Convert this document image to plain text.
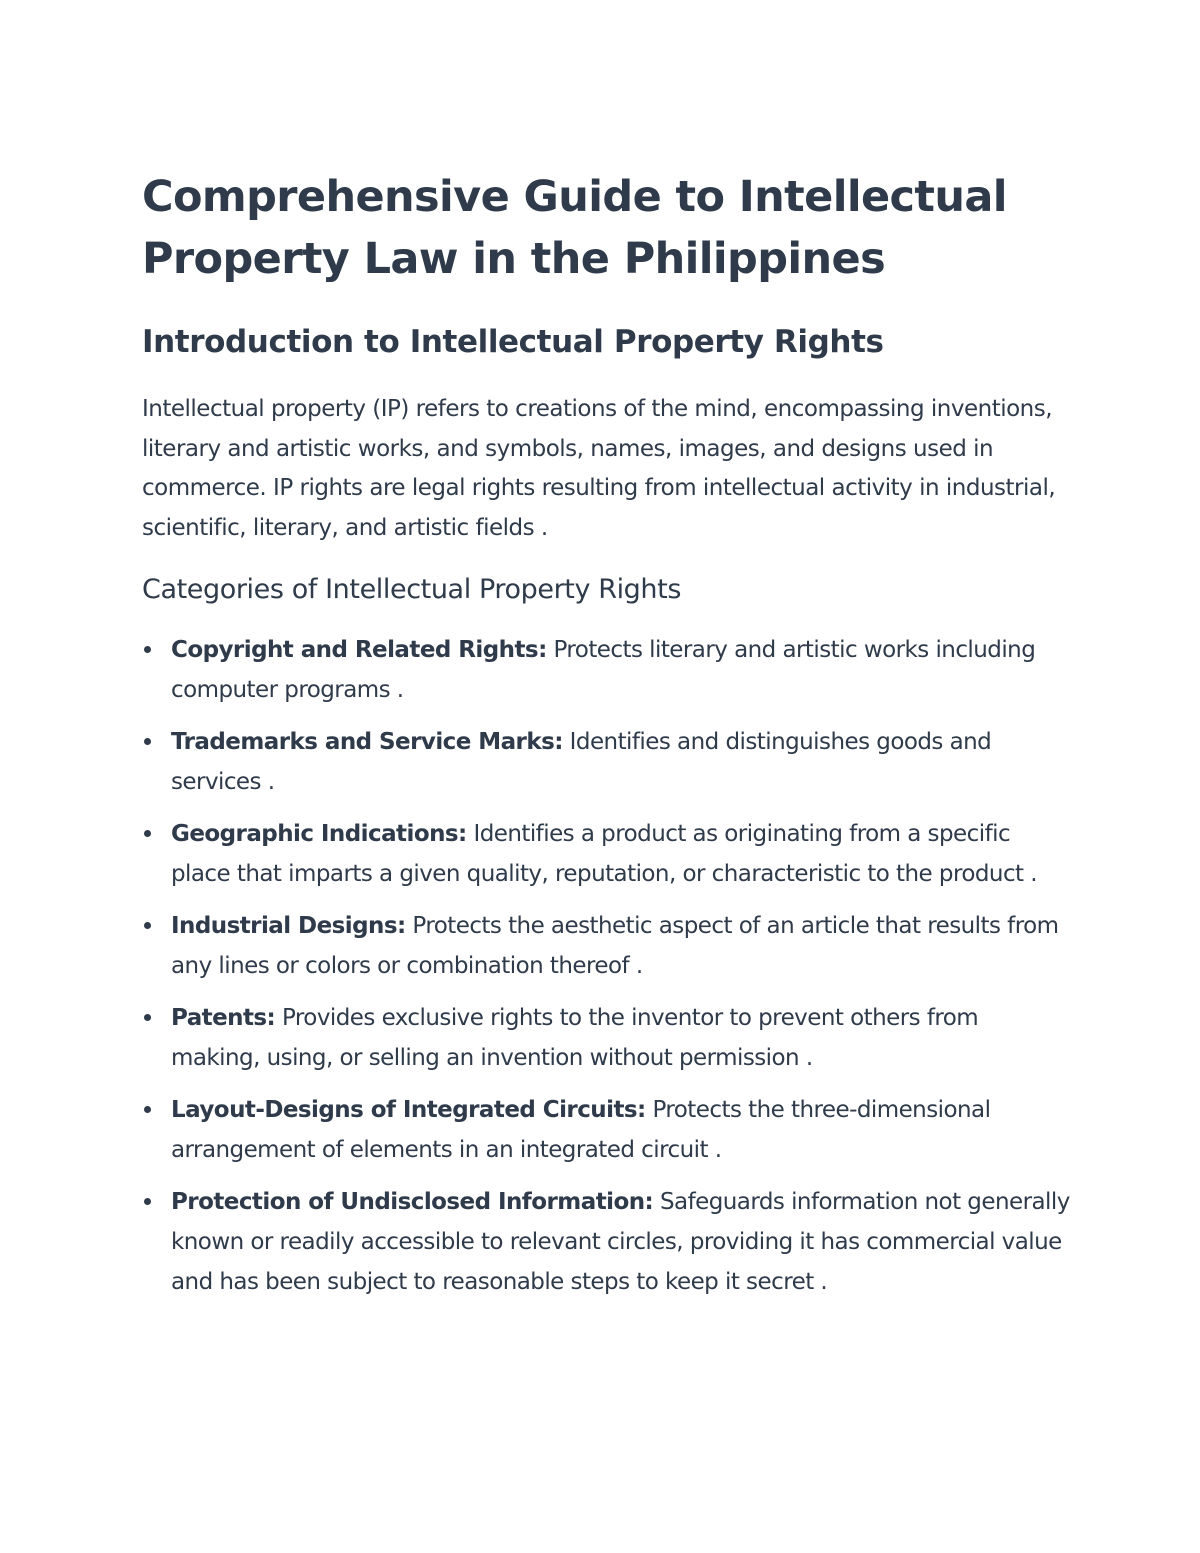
Comprehensive Guide to Intellectual Property Law in the Philippines
Introduction to Intellectual Property Rights

Intellectual property (IP) refers to creations of the mind, encompassing inventions, literary and artistic works, and symbols, names, images, and designs used in commerce. IP rights are legal rights resulting from intellectual activity in industrial, scientific, literary, and artistic fields .

Categories of Intellectual Property Rights
Copyright and Related Rights: Protects literary and artistic works including computer programs .
Trademarks and Service Marks: Identifies and distinguishes goods and services .
Geographic Indications: Identifies a product as originating from a specific place that imparts a given quality, reputation, or characteristic to the product .
Industrial Designs: Protects the aesthetic aspect of an article that results from any lines or colors or combination thereof .
Patents: Provides exclusive rights to the inventor to prevent others from making, using, or selling an invention without permission .
Layout-Designs of Integrated Circuits: Protects the three-dimensional arrangement of elements in an integrated circuit .
Protection of Undisclosed Information: Safeguards information not generally known or readily accessible to relevant circles, providing it has commercial value and has been subject to reasonable steps to keep it secret .
